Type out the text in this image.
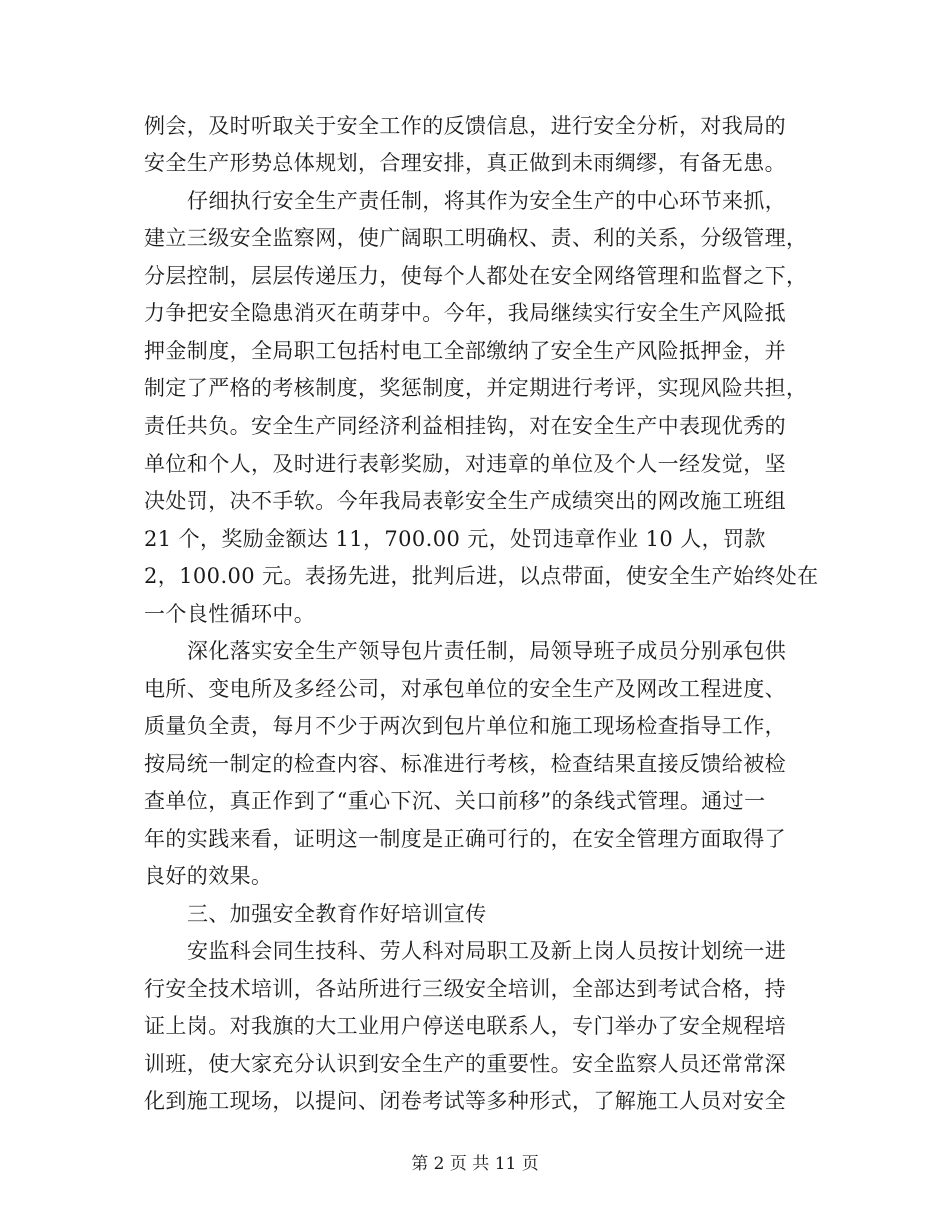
例会，及时听取关于安全工作的反馈信息，进行安全分析，对我局的
安全生产形势总体规划，合理安排，真正做到未雨绸缪，有备无患。
仔细执行安全生产责任制，将其作为安全生产的中心环节来抓，
建立三级安全监察网，使广阔职工明确权、责、利的关系，分级管理，
分层控制，层层传递压力，使每个人都处在安全网络管理和监督之下，
力争把安全隐患消灭在萌芽中。今年，我局继续实行安全生产风险抵
押金制度，全局职工包括村电工全部缴纳了安全生产风险抵押金，并
制定了严格的考核制度，奖惩制度，并定期进行考评，实现风险共担，
责任共负。安全生产同经济利益相挂钩，对在安全生产中表现优秀的
单位和个人，及时进行表彰奖励，对违章的单位及个人一经发觉，坚
决处罚，决不手软。今年我局表彰安全生产成绩突出的网改施工班组
21 个，奖励金额达 11，700.00 元，处罚违章作业 10 人，罚款
2，100.00 元。表扬先进，批判后进，以点带面，使安全生产始终处在
一个良性循环中。
深化落实安全生产领导包片责任制，局领导班子成员分别承包供
电所、变电所及多经公司，对承包单位的安全生产及网改工程进度、
质量负全责，每月不少于两次到包片单位和施工现场检查指导工作，
按局统一制定的检查内容、标准进行考核，检查结果直接反馈给被检
查单位，真正作到了“重心下沉、关口前移”的条线式管理。通过一
年的实践来看，证明这一制度是正确可行的，在安全管理方面取得了
良好的效果。
三、加强安全教育作好培训宣传
安监科会同生技科、劳人科对局职工及新上岗人员按计划统一进
行安全技术培训，各站所进行三级安全培训，全部达到考试合格，持
证上岗。对我旗的大工业用户停送电联系人，专门举办了安全规程培
训班，使大家充分认识到安全生产的重要性。安全监察人员还常常深
化到施工现场，以提问、闭卷考试等多种形式，了解施工人员对安全
第 2 页 共 11 页
